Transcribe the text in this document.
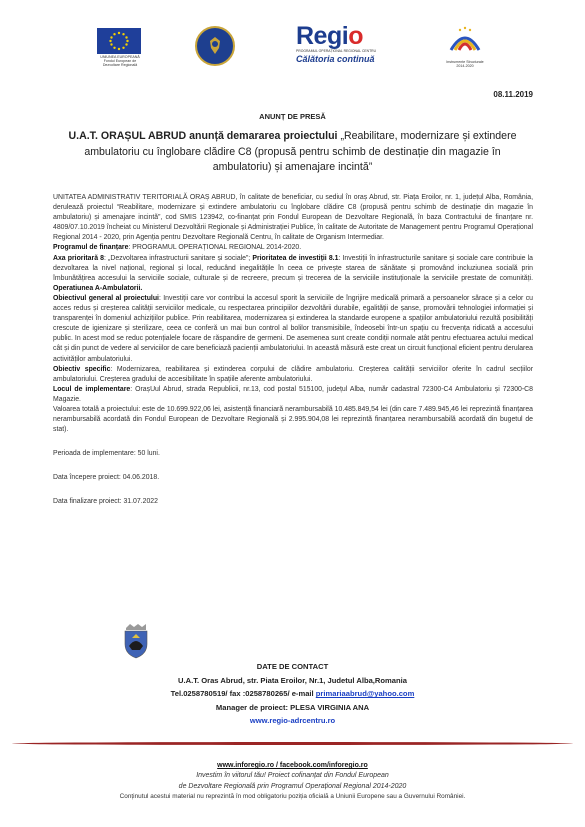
UNIUNEA EUROPEANĂ
Fondul European de
Dezvoltare Regională
Regio
PROGRAMUL OPERAȚIONAL REGIONAL CENTRU
Călătoria continuă	Instrumente Structurale
2014-2020
08.11.2019
ANUNȚ DE PRESĂ
U.A.T. ORAȘUL ABRUD anunță demararea proiectului „Reabilitare, modernizare și extindere ambulatoriu cu înglobare clădire C8 (propusă pentru schimb de destinație din magazie în ambulatoriu) și amenajare incintă”

UNITATEA ADMINISTRATIV TERITORIALĂ ORAȘ ABRUD, în calitate de beneficiar, cu sediul în oraș Abrud, str. Piața Eroilor, nr. 1, județul Alba, România, derulează proiectul “Reabilitare, modernizare și extindere ambulatoriu cu înglobare clădire C8 (propusă pentru schimb de destinație din magazie în ambulatoriu) și amenajare incintă”, cod SMIS 123942, co-finanțat prin Fondul European de Dezvoltare Regională, în baza Contractului de finanțare nr. 4809/07.10.2019 încheiat cu Ministerul Dezvoltării Regionale și Administrației Publice, în calitate de Autoritate de Management pentru Programul Operațional Regional 2014 - 2020, prin Agenția pentru Dezvoltare Regională Centru, în calitate de Organism Intermediar.

Programul de finanțare: PROGRAMUL OPERAȚIONAL REGIONAL 2014-2020.

Axa prioritară 8: „Dezvoltarea infrastructurii sanitare și sociale”; Prioritatea de investiții 8.1: Investiții în infrastructurile sanitare și sociale care contribuie la dezvoltarea la nivel național, regional și local, reducând inegalitățile în ceea ce privește starea de sănătate și promovând incluziunea socială prin îmbunătățirea accesului la serviciile sociale, culturale și de recreere, precum și trecerea de la serviciile instituționale la serviciile prestate de comunități. Operatiunea A-Ambulatorii.

Obiectivul general al proiectului: Investiții care vor contribui la accesul sporit la serviciile de îngrijire medicală primară a persoanelor sărace și a celor cu acces redus și creșterea calității serviciilor medicale, cu respectarea principiilor dezvoltării durabile, egalității de șanse, promovării tehnologiei informației și transparenței în domeniul achizițiilor publice. Prin reabilitarea, modernizarea și extinderea la standarde europene a spațiilor ambulatoriului rezultă posibilități crescute de igienizare și sterilizare, ceea ce conferă un mai bun control al bolilor transmisibile, îndeosebi într-un spațiu cu frecvența ridicată a accesului public. In acest mod se reduc potențialele focare de răspandire de germeni. De asemenea sunt create condiții normale atât pentru efectuarea actului medical cât și din punct de vedere al serviciilor de care beneficiază pacienții ambulatoriului. In această măsură este creat un circuit funcțional eficient pentru derularea activităților ambulatoriului.

Obiectiv specific: Modernizarea, reabilitarea și extinderea corpului de clădire ambulatoriu. Creșterea calității serviciilor oferite în cadrul secțiilor ambulatoriului. Creșterea gradului de accesibilitate în spațiile aferente ambulatoriului.

Locul de implementare: OrașUul Abrud, strada Republicii, nr.13, cod postal 515100, județul Alba, număr cadastral 72300-C4 Ambulatoriu și 72300-C8 Magazie.

Valoarea totală a proiectului: este de 10.699.922,06 lei, asistență financiară nerambursabilă 10.485.849,54 lei (din care 7.489.945,46 lei reprezintă finanțarea nerambursabilă acordată din Fondul European de Dezvoltare Regională și 2.995.904,08 lei reprezintă finanțarea nerambursabilă acordată din bugetul de stat).

Perioada de implementare: 50 luni.

Data începere proiect: 04.06.2018.

Data finalizare proiect: 31.07.2022

DATE DE CONTACT
U.A.T. Oras Abrud, str. Piata Eroilor, Nr.1, Judetul Alba,Romania
Tel.0258780519/ fax :0258780265/ e-mail primariaabrud@yahoo.com
Manager de proiect: PLESA VIRGINIA ANA
www.regio-adrcentru.ro
www.inforegio.ro / facebook.com/inforegio.ro
Investim în viitorul tău! Proiect cofinanțat din Fondul European
de Dezvoltare Regională prin Programul Operațional Regional 2014-2020
Conținutul acestui material nu reprezintă în mod obligatoriu poziția oficială a Uniunii Europene sau a Guvernului României.
